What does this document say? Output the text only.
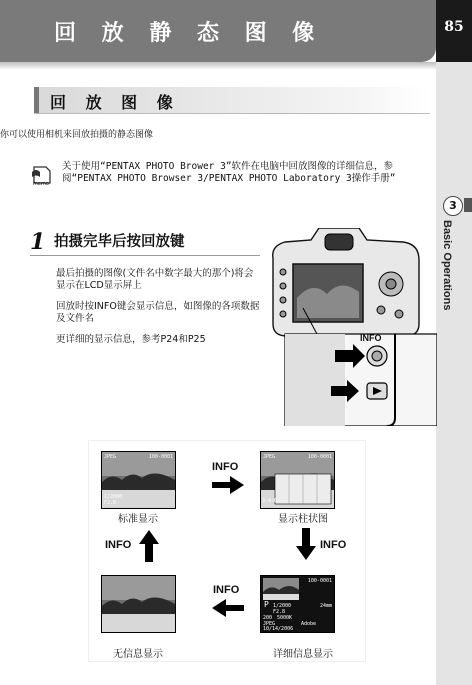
回 放 静 态 图 像	85
3
Basic Operations
回 放 图 像
你可以使用相机来回放拍摄的静态图像
memo
关于使用“PENTAX PHOTO Brower 3”软件在电脑中回放图像的详细信息，参阅“PENTAX PHOTO Browser 3/PENTAX PHOTO Laboratory 3操作手册”
1 拍摄完毕后按回放键
最后拍摄的图像(文件名中数字最大的那个)将会显示在LCD显示屏上
回放时按INFO键会显示信息，如图像的各项数据及文件名
更详细的显示信息，参考P24和P25	INFO
JPEG	100-0001
1/2000
F2.8
标准显示
INFO
JPEG	100-0001
3:4:6
显示柱状图
INFO
INFO
无信息显示
INFO
100-0001
P 1/2000	24mm
F2.8
200 5000K
JPEG	Adobe
10/14/2006
详细信息显示
